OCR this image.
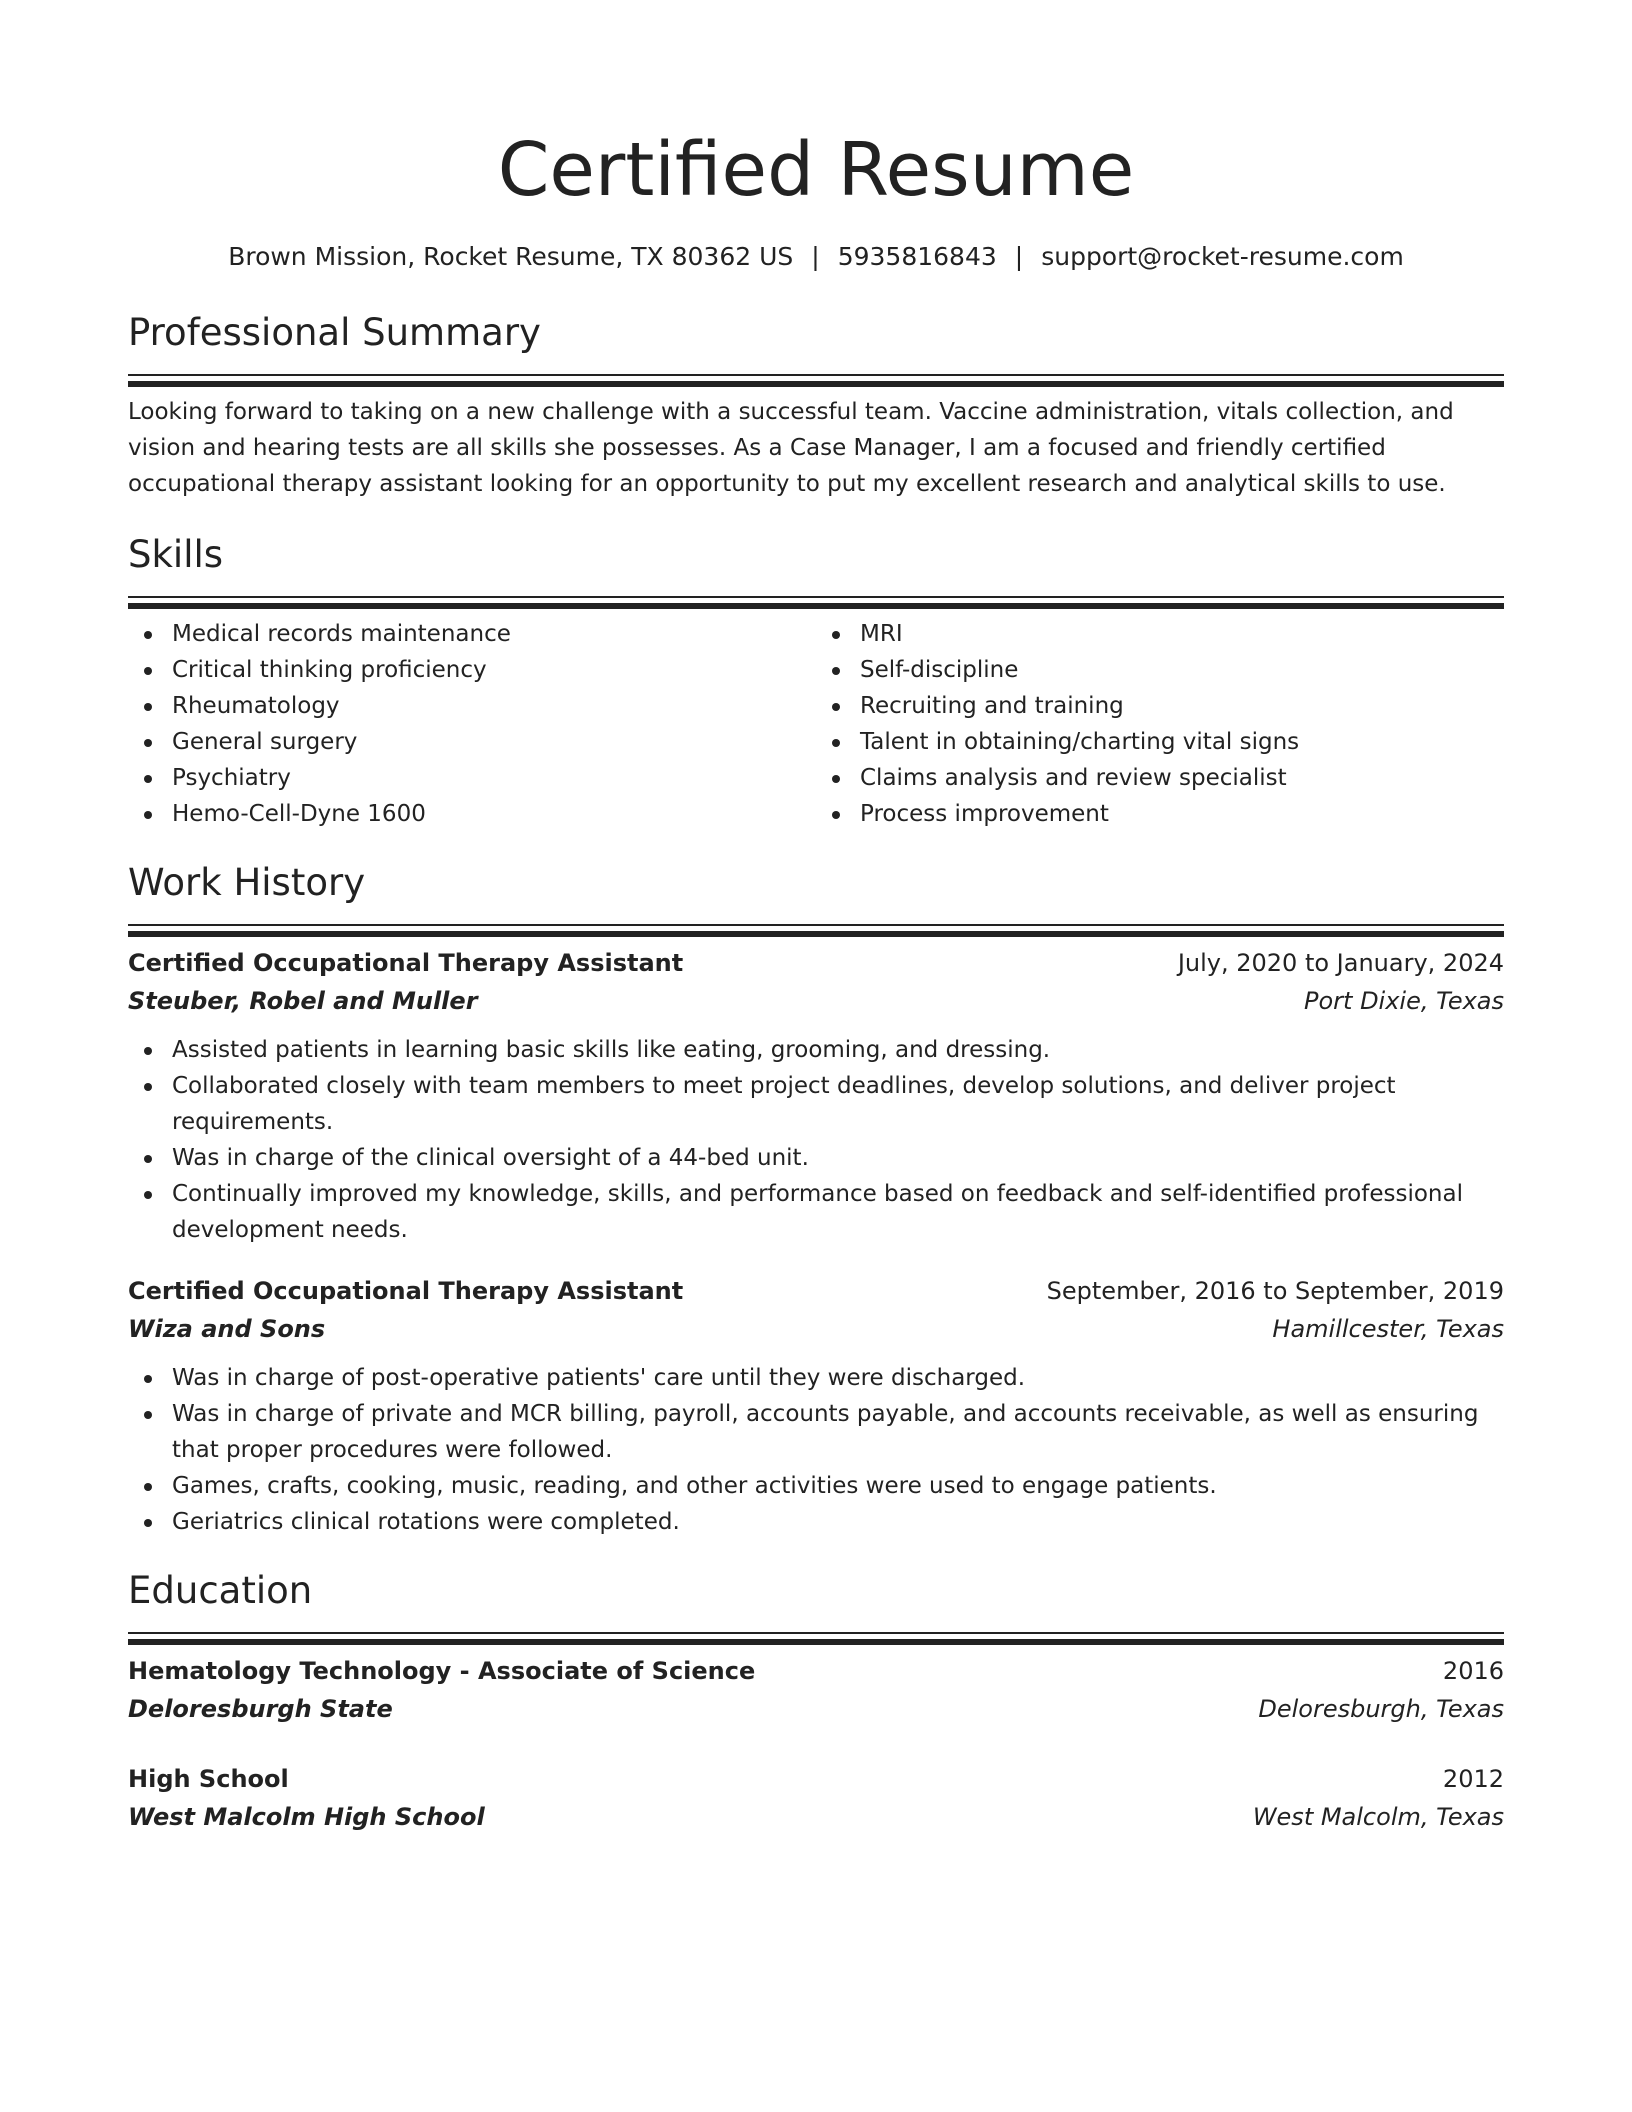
Certified Resume
Brown Mission, Rocket Resume, TX 80362 US | 5935816843 | support@rocket-resume.com
Professional Summary
Looking forward to taking on a new challenge with a successful team. Vaccine administration, vitals collection, and vision and hearing tests are all skills she possesses. As a Case Manager, I am a focused and friendly certified occupational therapy assistant looking for an opportunity to put my excellent research and analytical skills to use.
Skills
Medical records maintenance
Critical thinking proficiency
Rheumatology
General surgery
Psychiatry
Hemo-Cell-Dyne 1600
MRI
Self-discipline
Recruiting and training
Talent in obtaining/charting vital signs
Claims analysis and review specialist
Process improvement
Work History
Certified Occupational Therapy Assistant	July, 2020 to January, 2024
Steuber, Robel and Muller	Port Dixie, Texas
Assisted patients in learning basic skills like eating, grooming, and dressing.
Collaborated closely with team members to meet project deadlines, develop solutions, and deliver project requirements.
Was in charge of the clinical oversight of a 44-bed unit.
Continually improved my knowledge, skills, and performance based on feedback and self-identified professional development needs.
Certified Occupational Therapy Assistant	September, 2016 to September, 2019
Wiza and Sons	Hamillcester, Texas
Was in charge of post-operative patients' care until they were discharged.
Was in charge of private and MCR billing, payroll, accounts payable, and accounts receivable, as well as ensuring that proper procedures were followed.
Games, crafts, cooking, music, reading, and other activities were used to engage patients.
Geriatrics clinical rotations were completed.
Education
Hematology Technology - Associate of Science	2016
Deloresburgh State	Deloresburgh, Texas
High School	2012
West Malcolm High School	West Malcolm, Texas
